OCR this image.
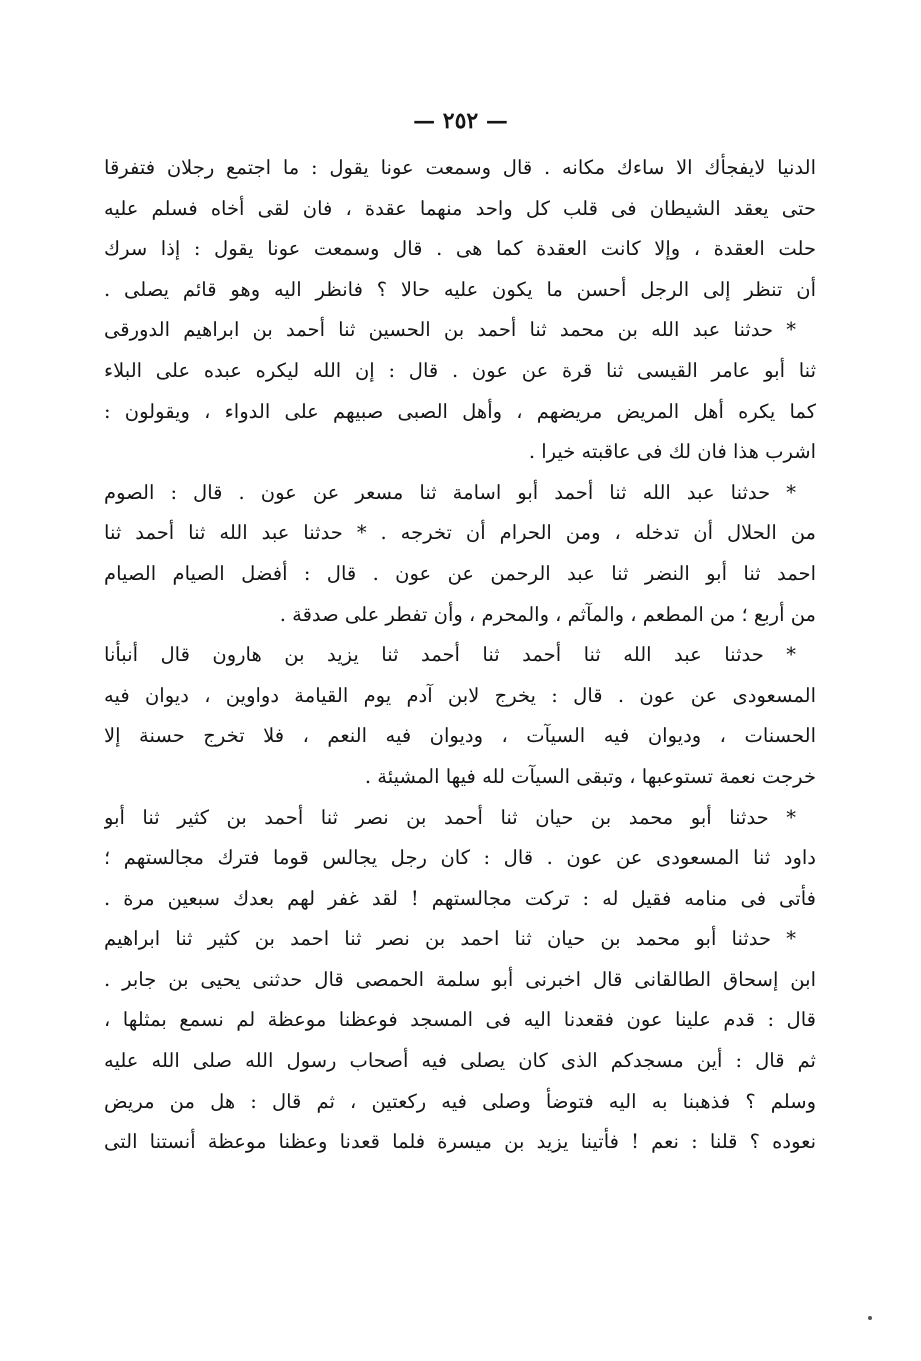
— ٢٥٢ —
الدنيا لايفجأك الا ساءك مكانه . قال وسمعت عونا يقول : ما اجتمع رجلان فتفرقا
حتى يعقد الشيطان فى قلب كل واحد منهما عقدة ، فان لقى أخاه فسلم عليه
حلت العقدة ، وإلا كانت العقدة كما هى . قال وسمعت عونا يقول : إذا سرك
أن تنظر إلى الرجل أحسن ما يكون عليه حالا ؟ فانظر اليه وهو قائم يصلى .
* حدثنا عبد الله بن محمد ثنا أحمد بن الحسين ثنا أحمد بن ابراهيم الدورقى
ثنا أبو عامر القيسى ثنا قرة عن عون . قال : إن الله ليكره عبده على البلاء
كما يكره أهل المريض مريضهم ، وأهل الصبى صبيهم على الدواء ، ويقولون :
اشرب هذا فان لك فى عاقبته خيرا .
* حدثنا عبد الله ثنا أحمد أبو اسامة ثنا مسعر عن عون . قال : الصوم
من الحلال أن تدخله ، ومن الحرام أن تخرجه . * حدثنا عبد الله ثنا أحمد ثنا
احمد ثنا أبو النضر ثنا عبد الرحمن عن عون . قال : أفضل الصيام الصيام
من أربع ؛ من المطعم ، والمآثم ، والمحرم ، وأن تفطر على صدقة .
* حدثنا عبد الله ثنا أحمد ثنا أحمد ثنا يزيد بن هارون قال أنبأنا
المسعودى عن عون . قال : يخرج لابن آدم يوم القيامة دواوين ، ديوان فيه
الحسنات ، وديوان فيه السيآت ، وديوان فيه النعم ، فلا تخرج حسنة إلا
خرجت نعمة تستوعبها ، وتبقى السيآت لله فيها المشيئة .
* حدثنا أبو محمد بن حيان ثنا أحمد بن نصر ثنا أحمد بن كثير ثنا أبو
داود ثنا المسعودى عن عون . قال : كان رجل يجالس قوما فترك مجالستهم ؛
فأتى فى منامه فقيل له : تركت مجالستهم ! لقد غفر لهم بعدك سبعين مرة .
* حدثنا أبو محمد بن حيان ثنا احمد بن نصر ثنا احمد بن كثير ثنا ابراهيم
ابن إسحاق الطالقانى قال اخبرنى أبو سلمة الحمصى قال حدثنى يحيى بن جابر .
قال : قدم علينا عون فقعدنا اليه فى المسجد فوعظنا موعظة لم نسمع بمثلها ،
ثم قال : أين مسجدكم الذى كان يصلى فيه أصحاب رسول الله صلى الله عليه
وسلم ؟ فذهبنا به اليه فتوضأ وصلى فيه ركعتين ، ثم قال : هل من مريض
نعوده ؟ قلنا : نعم ! فأتينا يزيد بن ميسرة فلما قعدنا وعظنا موعظة أنستنا التى
